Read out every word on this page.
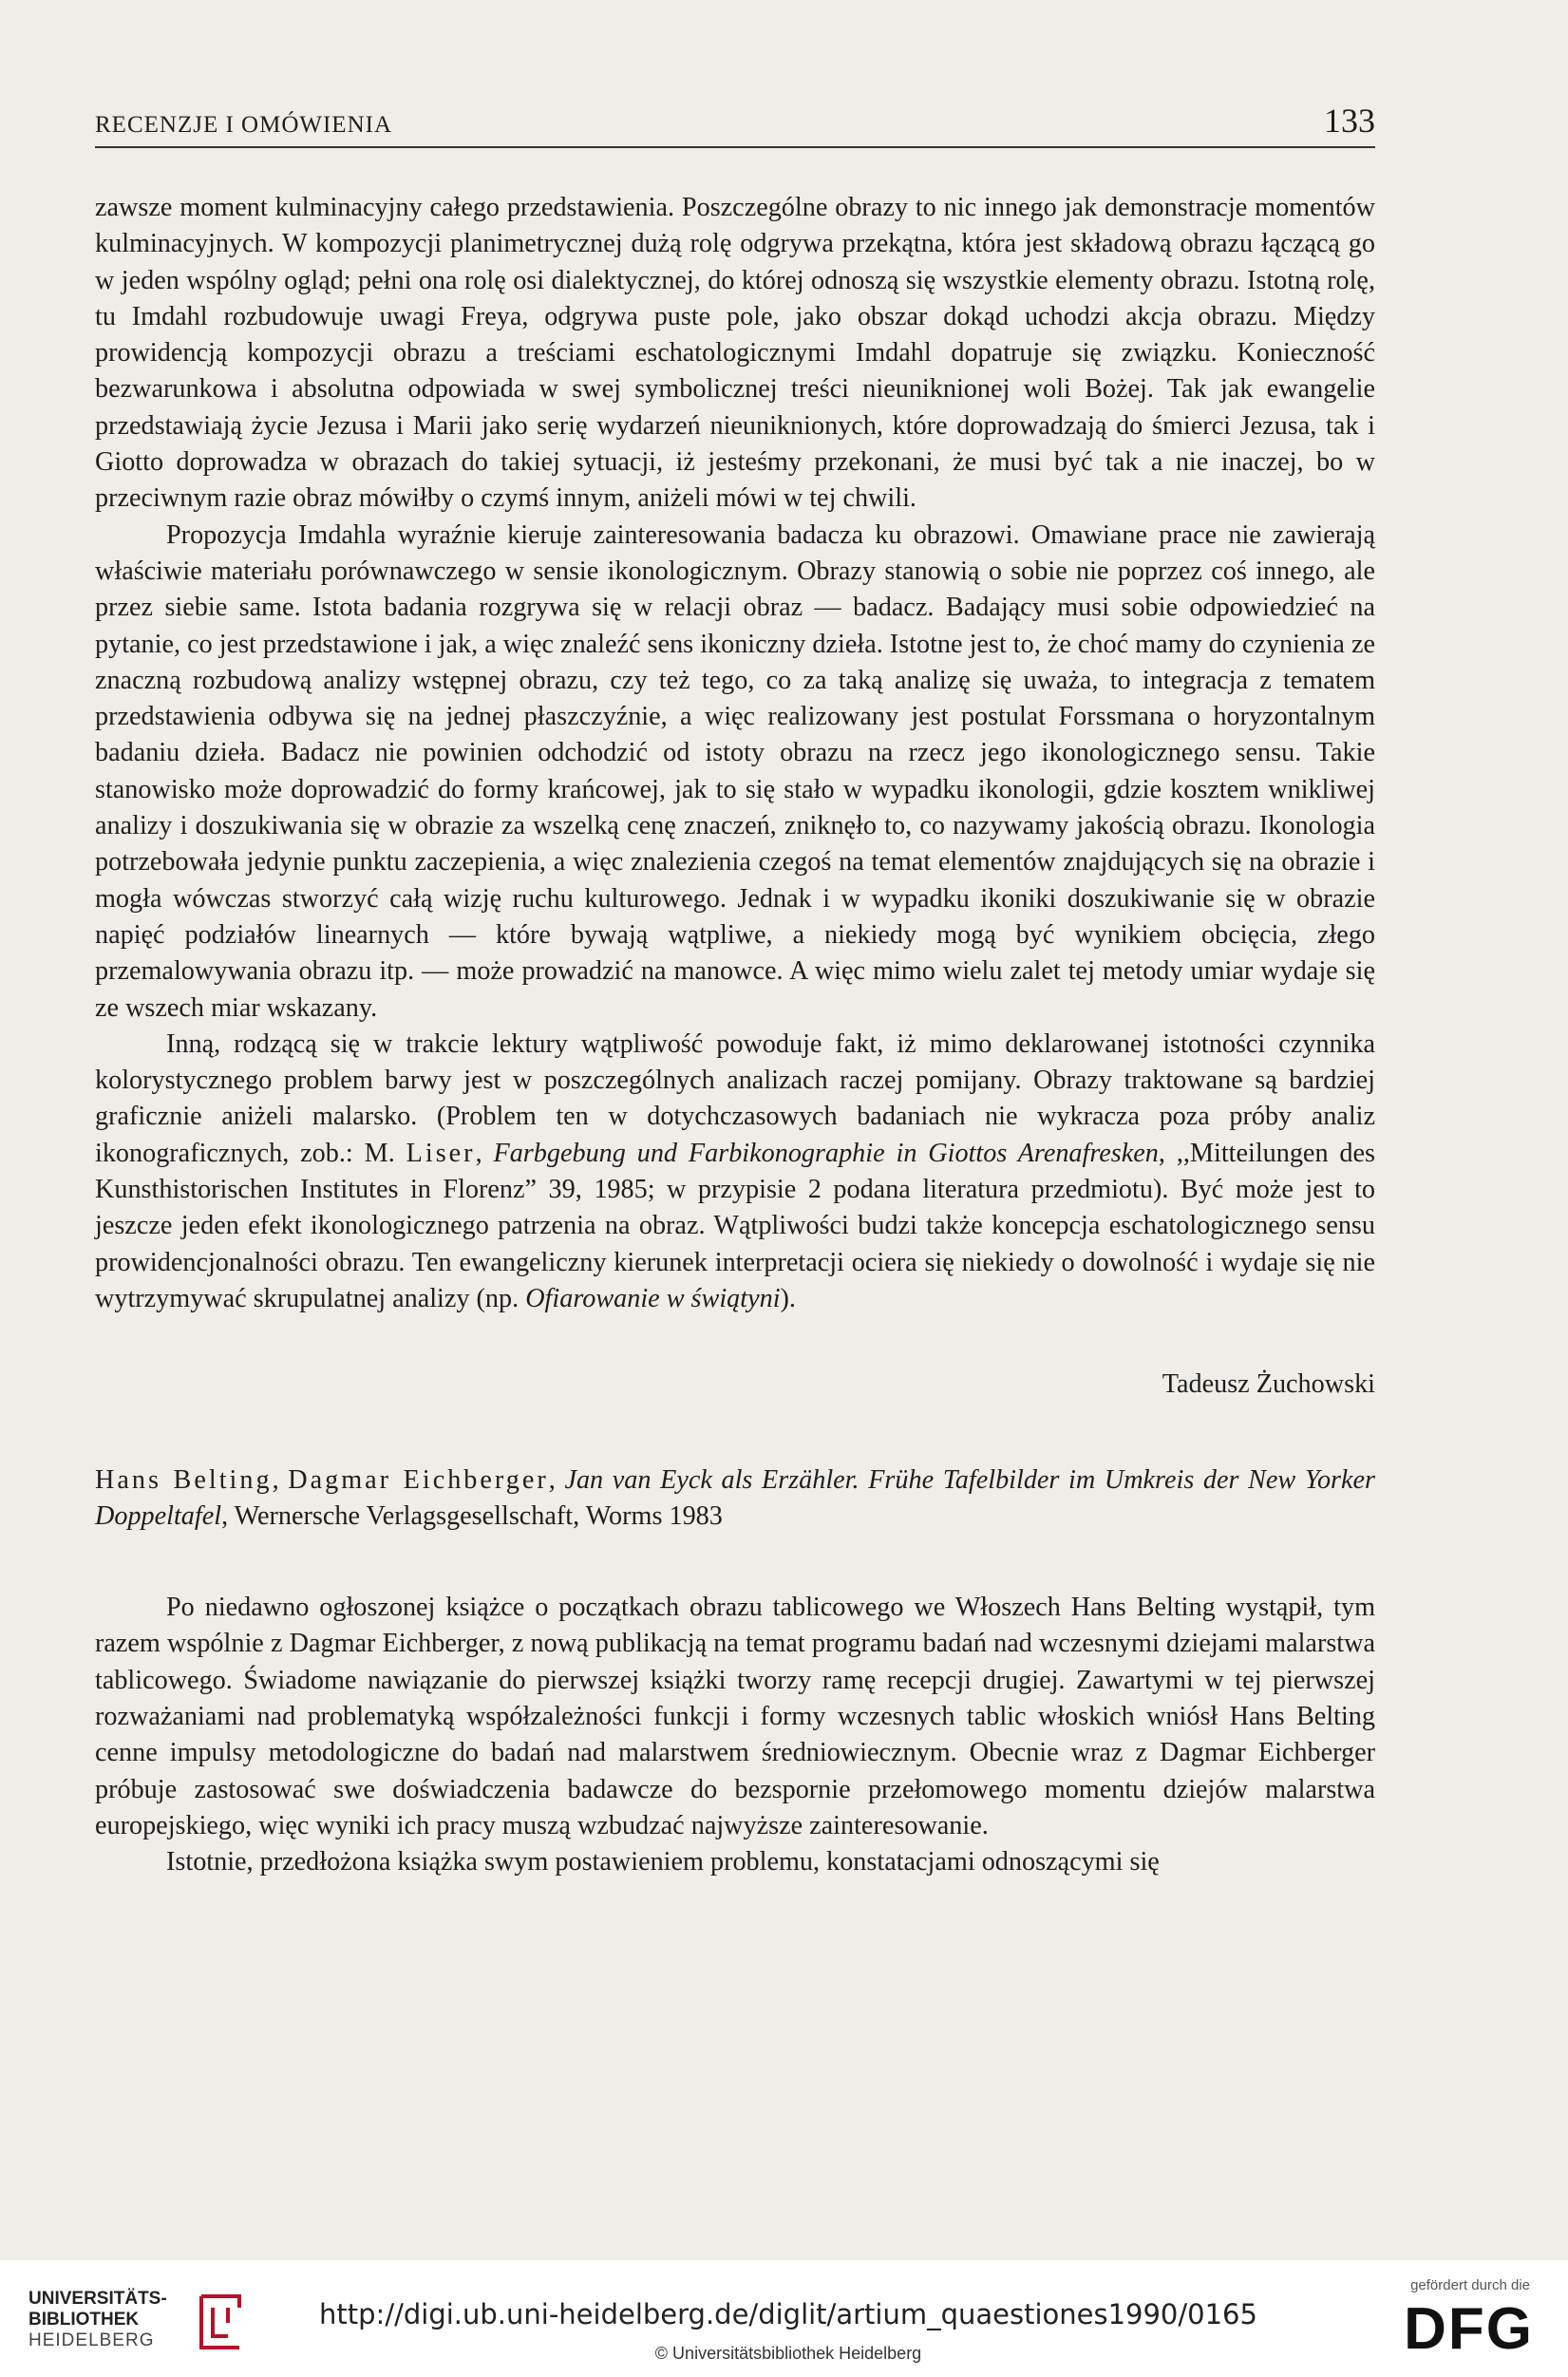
RECENZJE I OMÓWIENIA	133

zawsze moment kulminacyjny całego przedstawienia. Poszczególne obrazy to nic innego jak demonstracje momentów kulminacyjnych. W kompozycji planimetrycznej dużą rolę odgrywa przekątna, która jest składową obrazu łączącą go w jeden wspólny ogląd; pełni ona rolę osi dialektycznej, do której odnoszą się wszystkie elementy obrazu. Istotną rolę, tu Imdahl rozbudowuje uwagi Freya, odgrywa puste pole, jako obszar dokąd uchodzi akcja obrazu. Między prowidencją kompozycji obrazu a treściami eschatologicznymi Imdahl dopatruje się związku. Konieczność bezwarunkowa i absolutna odpowiada w swej symbolicznej treści nieuniknionej woli Bożej. Tak jak ewangelie przedstawiają życie Jezusa i Marii jako serię wydarzeń nieuniknionych, które doprowadzają do śmierci Jezusa, tak i Giotto doprowadza w obrazach do takiej sytuacji, iż jesteśmy przekonani, że musi być tak a nie inaczej, bo w przeciwnym razie obraz mówiłby o czymś innym, aniżeli mówi w tej chwili.

Propozycja Imdahla wyraźnie kieruje zainteresowania badacza ku obrazowi. Omawiane prace nie zawierają właściwie materiału porównawczego w sensie ikonologicznym. Obrazy stanowią o sobie nie poprzez coś innego, ale przez siebie same. Istota badania rozgrywa się w relacji obraz — badacz. Badający musi sobie odpowiedzieć na pytanie, co jest przedstawione i jak, a więc znaleźć sens ikoniczny dzieła. Istotne jest to, że choć mamy do czynienia ze znaczną rozbudową analizy wstępnej obrazu, czy też tego, co za taką analizę się uważa, to integracja z tematem przedstawienia odbywa się na jednej płaszczyźnie, a więc realizowany jest postulat Forssmana o horyzontalnym badaniu dzieła. Badacz nie powinien odchodzić od istoty obrazu na rzecz jego ikonologicznego sensu. Takie stanowisko może doprowadzić do formy krańcowej, jak to się stało w wypadku ikonologii, gdzie kosztem wnikliwej analizy i doszukiwania się w obrazie za wszelką cenę znaczeń, zniknęło to, co nazywamy jakością obrazu. Ikonologia potrzebowała jedynie punktu zaczepienia, a więc znalezienia czegoś na temat elementów znajdujących się na obrazie i mogła wówczas stworzyć całą wizję ruchu kulturowego. Jednak i w wypadku ikoniki doszukiwanie się w obrazie napięć podziałów linearnych — które bywają wątpliwe, a niekiedy mogą być wynikiem obcięcia, złego przemalowywania obrazu itp. — może prowadzić na manowce. A więc mimo wielu zalet tej metody umiar wydaje się ze wszech miar wskazany.

Inną, rodzącą się w trakcie lektury wątpliwość powoduje fakt, iż mimo deklarowanej istotności czynnika kolorystycznego problem barwy jest w poszczególnych analizach raczej pomijany. Obrazy traktowane są bardziej graficznie aniżeli malarsko. (Problem ten w dotychczasowych badaniach nie wykracza poza próby analiz ikonograficznych, zob.: M. Liser, Farbgebung und Farbikonographie in Giottos Arenafresken, ,,Mitteilungen des Kunsthistorischen Institutes in Florenz” 39, 1985; w przypisie 2 podana literatura przedmiotu). Być może jest to jeszcze jeden efekt ikonologicznego patrzenia na obraz. Wątpliwości budzi także koncepcja eschatologicznego sensu prowidencjonalności obrazu. Ten ewangeliczny kierunek interpretacji ociera się niekiedy o dowolność i wydaje się nie wytrzymywać skrupulatnej analizy (np. Ofiarowanie w świątyni).

Tadeusz Żuchowski
Hans Belting, Dagmar Eichberger, Jan van Eyck als Erzähler. Frühe Tafelbilder im Umkreis der New Yorker Doppeltafel, Wernersche Verlagsgesellschaft, Worms 1983

Po niedawno ogłoszonej książce o początkach obrazu tablicowego we Włoszech Hans Belting wystąpił, tym razem wspólnie z Dagmar Eichberger, z nową publikacją na temat programu badań nad wczesnymi dziejami malarstwa tablicowego. Świadome nawiązanie do pierwszej książki tworzy ramę recepcji drugiej. Zawartymi w tej pierwszej rozważaniami nad problematyką współzależności funkcji i formy wczesnych tablic włoskich wniósł Hans Belting cenne impulsy metodologiczne do badań nad malarstwem średniowiecznym. Obecnie wraz z Dagmar Eichberger próbuje zastosować swe doświadczenia badawcze do bezspornie przełomowego momentu dziejów malarstwa europejskiego, więc wyniki ich pracy muszą wzbudzać najwyższe zainteresowanie.

Istotnie, przedłożona książka swym postawieniem problemu, konstatacjami odnoszącymi się

UNIVERSITÄTS-
BIBLIOTHEK
HEIDELBERG
http://digi.ub.uni-heidelberg.de/diglit/artium_quaestiones1990/0165
© Universitätsbibliothek Heidelberg
gefördert durch die
DFG
